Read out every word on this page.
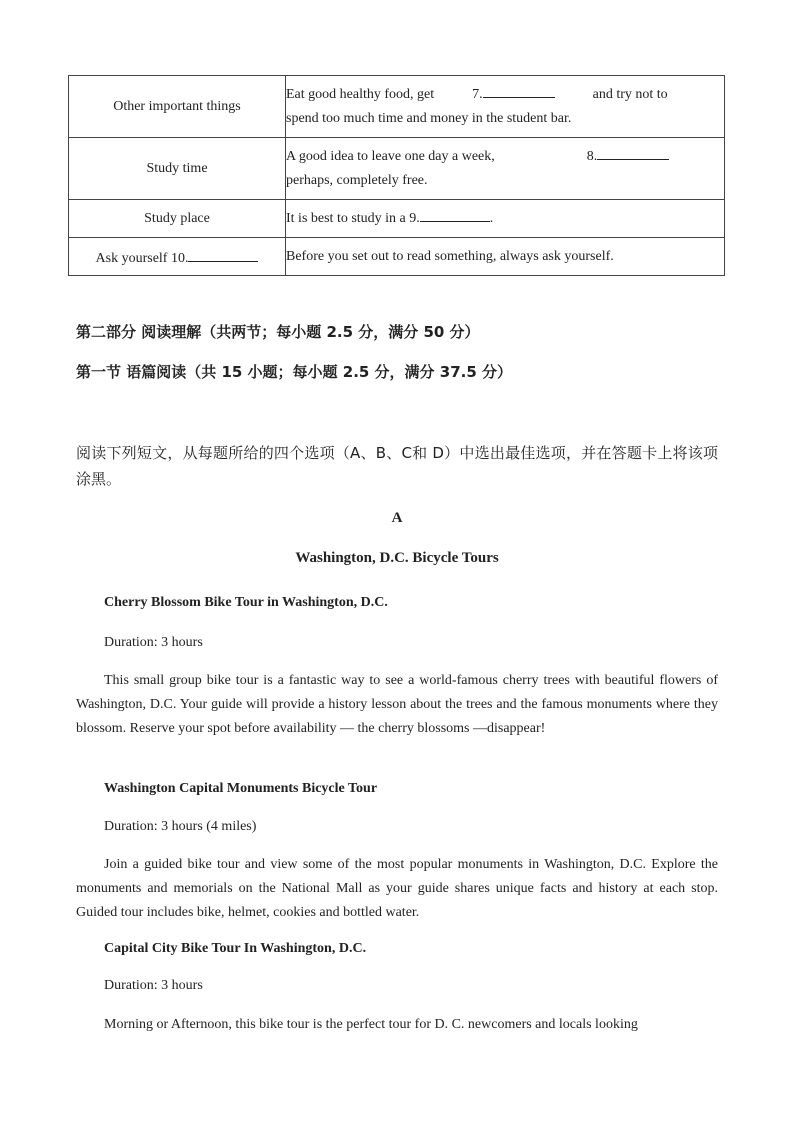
Other important things	Eat good healthy food, get 7. and try not to
spend too much time and money in the student bar.

Study time	A good idea to leave one day a week, 8.
perhaps, completely free.

Study place	It is best to study in a 9. .
Ask yourself 10.	Before you set out to read something, always ask yourself.
第二部分 阅读理解（共两节；每小题 2.5 分，满分 50 分）
第一节 语篇阅读（共 15 小题；每小题 2.5 分，满分 37.5 分）
阅读下列短文，从每题所给的四个选项（A、B、C和 D）中选出最佳选项，并在答题卡上将该项涂黑。
A
Washington, D.C. Bicycle Tours
Cherry Blossom Bike Tour in Washington, D.C.
Duration: 3 hours
This small group bike tour is a fantastic way to see a world-famous cherry trees with beautiful flowers of Washington, D.C. Your guide will provide a history lesson about the trees and the famous monuments where they blossom. Reserve your spot before availability — the cherry blossoms —disappear!
Washington Capital Monuments Bicycle Tour
Duration: 3 hours (4 miles)
Join a guided bike tour and view some of the most popular monuments in Washington, D.C. Explore the monuments and memorials on the National Mall as your guide shares unique facts and history at each stop. Guided tour includes bike, helmet, cookies and bottled water.
Capital City Bike Tour In Washington, D.C.
Duration: 3 hours
Morning or Afternoon, this bike tour is the perfect tour for D. C. newcomers and locals looking
